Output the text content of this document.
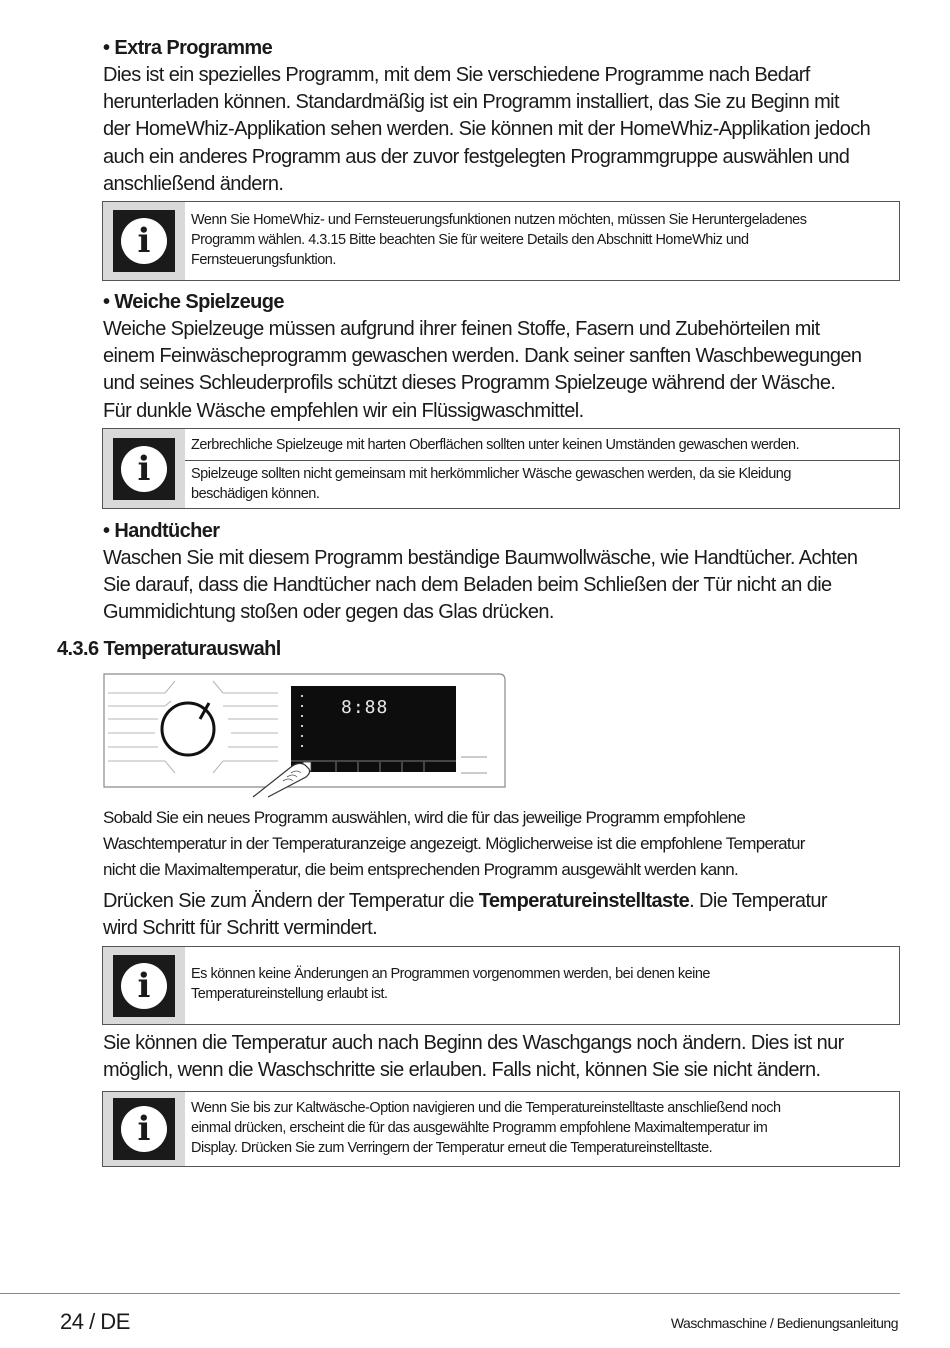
• Extra Programme
Dies ist ein spezielles Programm, mit dem Sie verschiedene Programme nach Bedarf
herunterladen können. Standardmäßig ist ein Programm installiert, das Sie zu Beginn mit
der HomeWhiz-Applikation sehen werden. Sie können mit der HomeWhiz-Applikation jedoch
auch ein anderes Programm aus der zuvor festgelegten Programmgruppe auswählen und
anschließend ändern.
i
Wenn Sie HomeWhiz- und Fernsteuerungsfunktionen nutzen möchten, müssen Sie Heruntergeladenes
Programm wählen. 4.3.15 Bitte beachten Sie für weitere Details den Abschnitt HomeWhiz und
Fernsteuerungsfunktion.
• Weiche Spielzeuge
Weiche Spielzeuge müssen aufgrund ihrer feinen Stoffe, Fasern und Zubehörteilen mit
einem Feinwäscheprogramm gewaschen werden. Dank seiner sanften Waschbewegungen
und seines Schleuderprofils schützt dieses Programm Spielzeuge während der Wäsche.
Für dunkle Wäsche empfehlen wir ein Flüssigwaschmittel.
i
Zerbrechliche Spielzeuge mit harten Oberflächen sollten unter keinen Umständen gewaschen werden.
Spielzeuge sollten nicht gemeinsam mit herkömmlicher Wäsche gewaschen werden, da sie Kleidung
beschädigen können.
• Handtücher
Waschen Sie mit diesem Programm beständige Baumwollwäsche, wie Handtücher. Achten
Sie darauf, dass die Handtücher nach dem Beladen beim Schließen der Tür nicht an die
Gummidichtung stoßen oder gegen das Glas drücken.
4.3.6 Temperaturauswahl
8:88
Sobald Sie ein neues Programm auswählen, wird die für das jeweilige Programm empfohlene
Waschtemperatur in der Temperaturanzeige angezeigt. Möglicherweise ist die empfohlene Temperatur
nicht die Maximaltemperatur, die beim entsprechenden Programm ausgewählt werden kann.
Drücken Sie zum Ändern der Temperatur die Temperatureinstelltaste. Die Temperatur
wird Schritt für Schritt vermindert.
i	Es können keine Änderungen an Programmen vorgenommen werden, bei denen keine
Temperatureinstellung erlaubt ist.
Sie können die Temperatur auch nach Beginn des Waschgangs noch ändern. Dies ist nur
möglich, wenn die Waschschritte sie erlauben. Falls nicht, können Sie sie nicht ändern.
i
Wenn Sie bis zur Kaltwäsche-Option navigieren und die Temperatureinstelltaste anschließend noch
einmal drücken, erscheint die für das ausgewählte Programm empfohlene Maximaltemperatur im
Display. Drücken Sie zum Verringern der Temperatur erneut die Temperatureinstelltaste.
24 / DE	Waschmaschine / Bedienungsanleitung
